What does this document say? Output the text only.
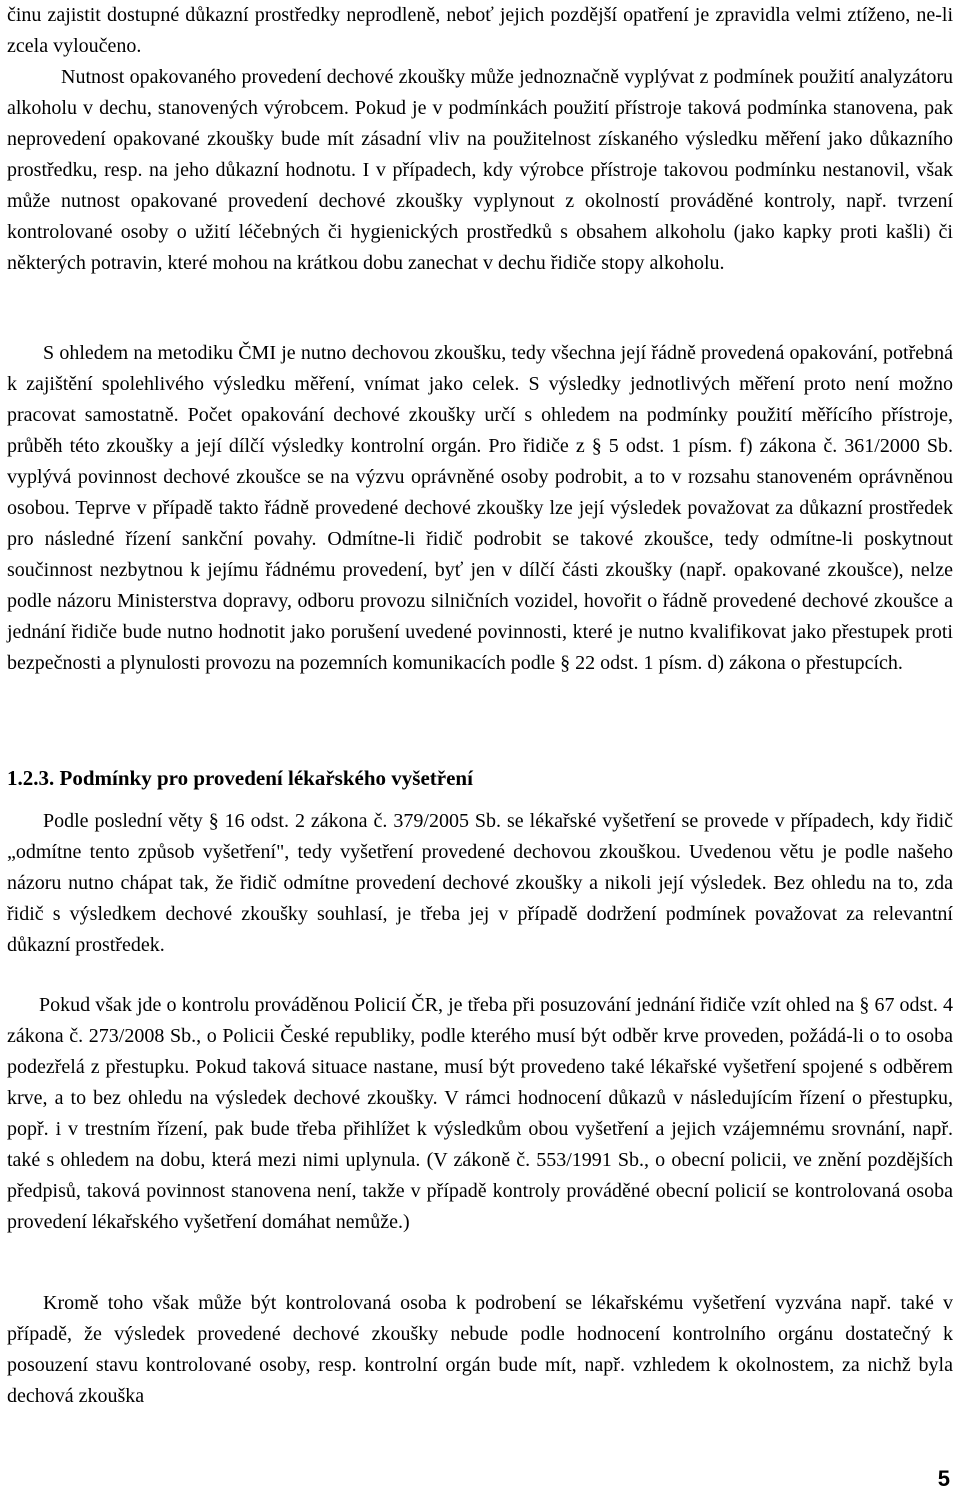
činu zajistit dostupné důkazní prostředky neprodleně, neboť jejich pozdější opatření je zpravidla velmi ztíženo, ne-li zcela vyloučeno.

Nutnost opakovaného provedení dechové zkoušky může jednoznačně vyplývat z podmínek použití analyzátoru alkoholu v dechu, stanovených výrobcem. Pokud je v podmínkách použití přístroje taková podmínka stanovena, pak neprovedení opakované zkoušky bude mít zásadní vliv na použitelnost získaného výsledku měření jako důkazního prostředku, resp. na jeho důkazní hodnotu. I v případech, kdy výrobce přístroje takovou podmínku nestanovil, však může nutnost opakované provedení dechové zkoušky vyplynout z okolností prováděné kontroly, např. tvrzení kontrolované osoby o užití léčebných či hygienických prostředků s obsahem alkoholu (jako kapky proti kašli) či některých potravin, které mohou na krátkou dobu zanechat v dechu řidiče stopy alkoholu.

S ohledem na metodiku ČMI je nutno dechovou zkoušku, tedy všechna její řádně provedená opakování, potřebná k zajištění spolehlivého výsledku měření, vnímat jako celek. S výsledky jednotlivých měření proto není možno pracovat samostatně. Počet opakování dechové zkoušky určí s ohledem na podmínky použití měřícího přístroje, průběh této zkoušky a její dílčí výsledky kontrolní orgán. Pro řidiče z § 5 odst. 1 písm. f) zákona č. 361/2000 Sb. vyplývá povinnost dechové zkoušce se na výzvu oprávněné osoby podrobit, a to v rozsahu stanoveném oprávněnou osobou. Teprve v případě takto řádně provedené dechové zkoušky lze její výsledek považovat za důkazní prostředek pro následné řízení sankční povahy. Odmítne-li řidič podrobit se takové zkoušce, tedy odmítne-li poskytnout součinnost nezbytnou k jejímu řádnému provedení, byť jen v dílčí části zkoušky (např. opakované zkoušce), nelze podle názoru Ministerstva dopravy, odboru provozu silničních vozidel, hovořit o řádně provedené dechové zkoušce a jednání řidiče bude nutno hodnotit jako porušení uvedené povinnosti, které je nutno kvalifikovat jako přestupek proti bezpečnosti a plynulosti provozu na pozemních komunikacích podle § 22 odst. 1 písm. d) zákona o přestupcích.

1.2.3. Podmínky pro provedení lékařského vyšetření

Podle poslední věty § 16 odst. 2 zákona č. 379/2005 Sb. se lékařské vyšetření se provede v případech, kdy řidič „odmítne tento způsob vyšetření", tedy vyšetření provedené dechovou zkouškou. Uvedenou větu je podle našeho názoru nutno chápat tak, že řidič odmítne provedení dechové zkoušky a nikoli její výsledek. Bez ohledu na to, zda řidič s výsledkem dechové zkoušky souhlasí, je třeba jej v případě dodržení podmínek považovat za relevantní důkazní prostředek.

Pokud však jde o kontrolu prováděnou Policií ČR, je třeba při posuzování jednání řidiče vzít ohled na § 67 odst. 4 zákona č. 273/2008 Sb., o Policii České republiky, podle kterého musí být odběr krve proveden, požádá-li o to osoba podezřelá z přestupku. Pokud taková situace nastane, musí být provedeno také lékařské vyšetření spojené s odběrem krve, a to bez ohledu na výsledek dechové zkoušky. V rámci hodnocení důkazů v následujícím řízení o přestupku, popř. i v trestním řízení, pak bude třeba přihlížet k výsledkům obou vyšetření a jejich vzájemnému srovnání, např. také s ohledem na dobu, která mezi nimi uplynula. (V zákoně č. 553/1991 Sb., o obecní policii, ve znění pozdějších předpisů, taková povinnost stanovena není, takže v případě kontroly prováděné obecní policií se kontrolovaná osoba provedení lékařského vyšetření domáhat nemůže.)

Kromě toho však může být kontrolovaná osoba k podrobení se lékařskému vyšetření vyzvána např. také v případě, že výsledek provedené dechové zkoušky nebude podle hodnocení kontrolního orgánu dostatečný k posouzení stavu kontrolované osoby, resp. kontrolní orgán bude mít, např. vzhledem k okolnostem, za nichž byla dechová zkouška

5
